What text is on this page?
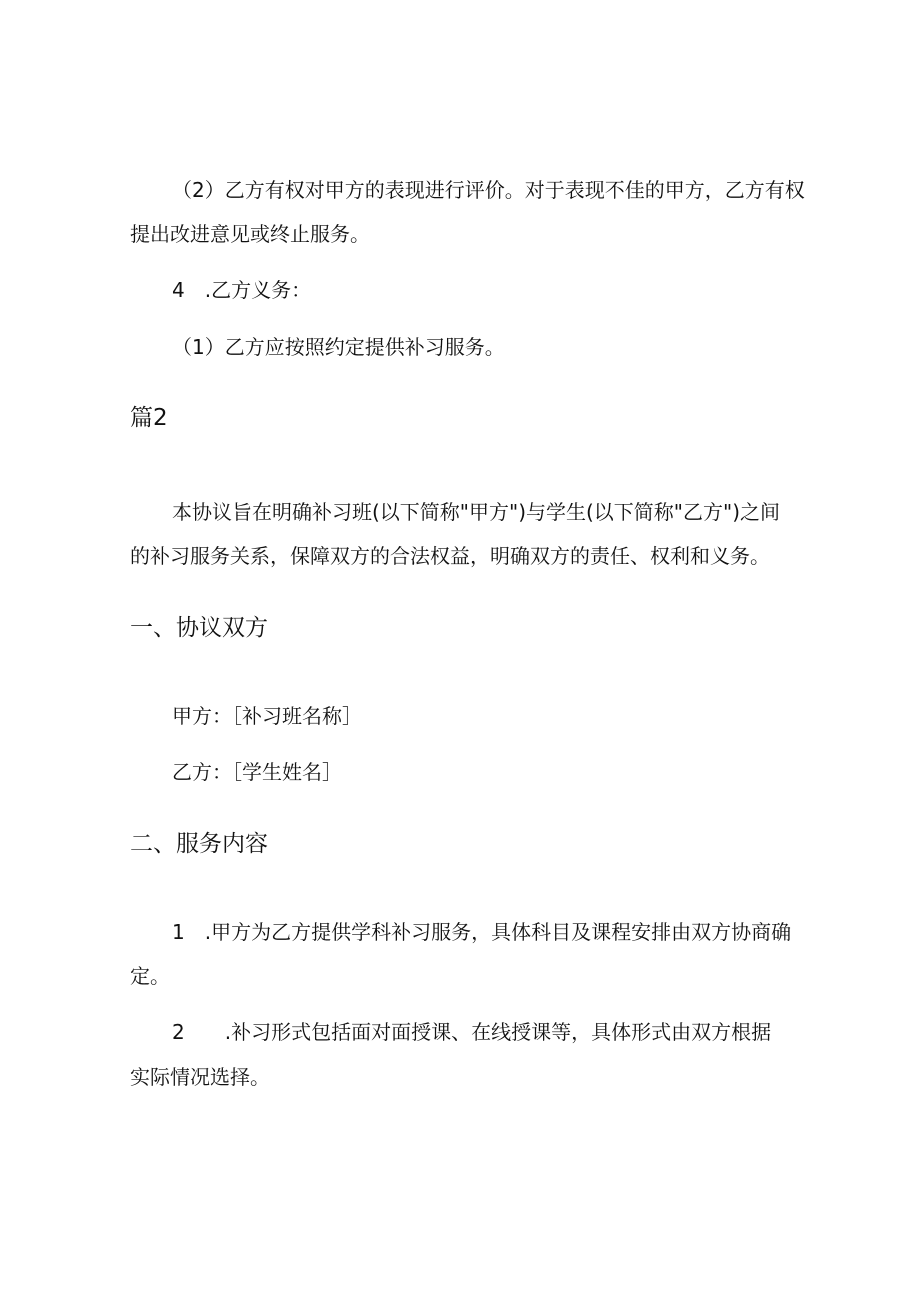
（2）乙方有权对甲方的表现进行评价。对于表现不佳的甲方，乙方有权
提出改进意见或终止服务。
4　.乙方义务：
（1）乙方应按照约定提供补习服务。
篇2
本协议旨在明确补习班(以下简称"甲方")与学生(以下简称"乙方")之间
的补习服务关系，保障双方的合法权益，明确双方的责任、权利和义务。
一、协议双方
甲方：［补习班名称］
乙方：［学生姓名］
二、服务内容
1　.甲方为乙方提供学科补习服务，具体科目及课程安排由双方协商确
定。
2　　.补习形式包括面对面授课、在线授课等，具体形式由双方根据
实际情况选择。
